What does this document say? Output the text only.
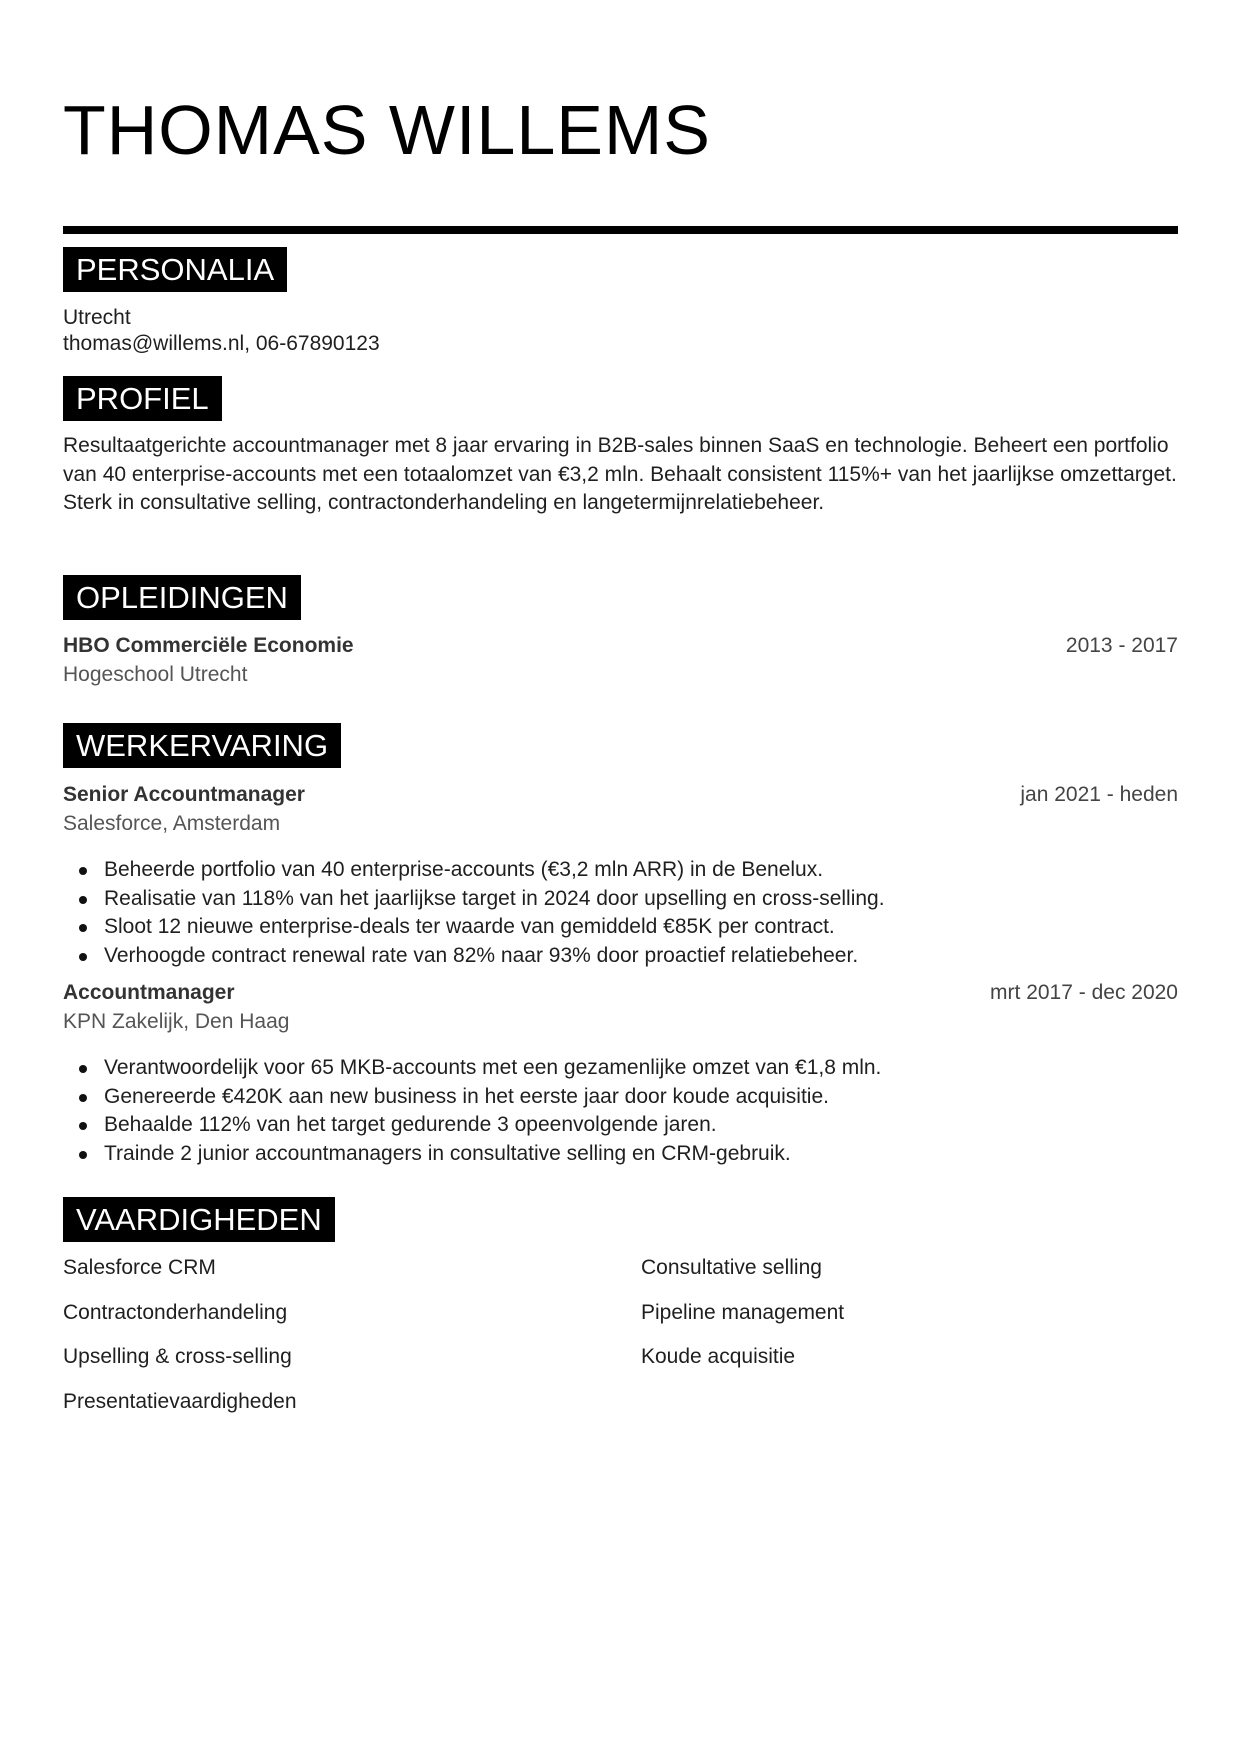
THOMAS WILLEMS
PERSONALIA
Utrecht
thomas@willems.nl, 06-67890123
PROFIEL
Resultaatgerichte accountmanager met 8 jaar ervaring in B2B-sales binnen SaaS en technologie. Beheert een portfolio van 40 enterprise-accounts met een totaalomzet van €3,2 mln. Behaalt consistent 115%+ van het jaarlijkse omzettarget. Sterk in consultative selling, contractonderhandeling en langetermijnrelatiebeheer.
OPLEIDINGEN
HBO Commerciële Economie	2013 - 2017
Hogeschool Utrecht
WERKERVARING
Senior Accountmanager	jan 2021 - heden
Salesforce, Amsterdam
Beheerde portfolio van 40 enterprise-accounts (€3,2 mln ARR) in de Benelux.
Realisatie van 118% van het jaarlijkse target in 2024 door upselling en cross-selling.
Sloot 12 nieuwe enterprise-deals ter waarde van gemiddeld €85K per contract.
Verhoogde contract renewal rate van 82% naar 93% door proactief relatiebeheer.
Accountmanager	mrt 2017 - dec 2020
KPN Zakelijk, Den Haag
Verantwoordelijk voor 65 MKB-accounts met een gezamenlijke omzet van €1,8 mln.
Genereerde €420K aan new business in het eerste jaar door koude acquisitie.
Behaalde 112% van het target gedurende 3 opeenvolgende jaren.
Trainde 2 junior accountmanagers in consultative selling en CRM-gebruik.
VAARDIGHEDEN
Salesforce CRM	Consultative selling
Contractonderhandeling	Pipeline management
Upselling & cross-selling	Koude acquisitie
Presentatievaardigheden
